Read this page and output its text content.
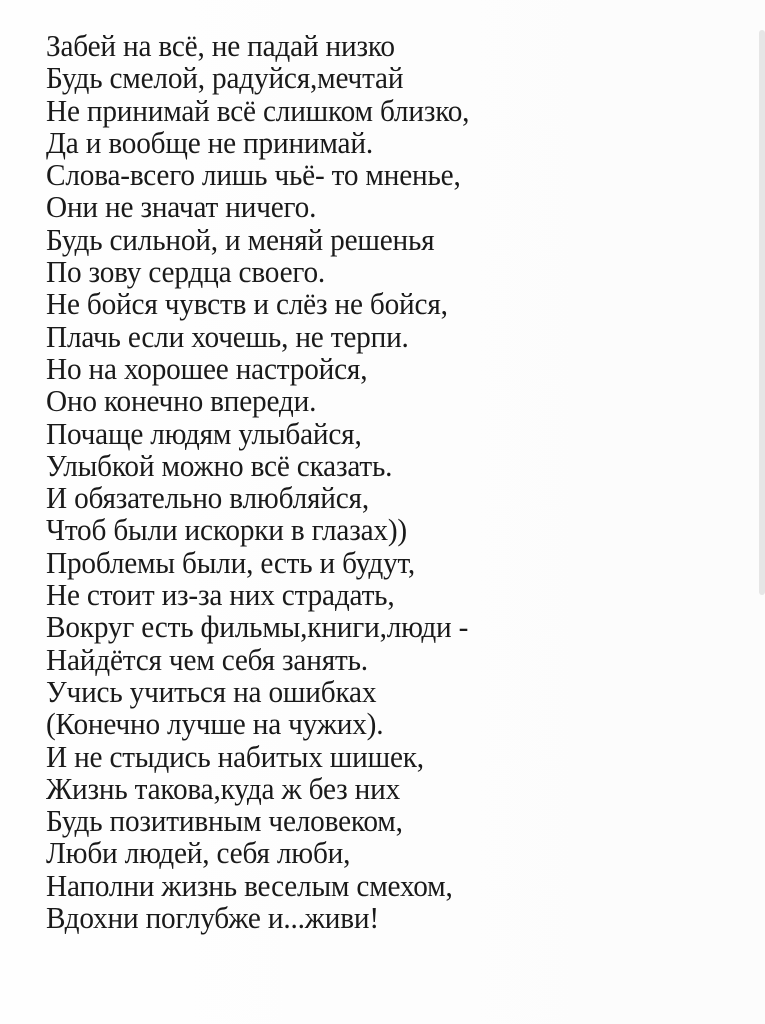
Забей на всё, не падай низко
Будь смелой, радуйся,мечтай
Не принимай всё слишком близко,
Да и вообще не принимай.
Слова-всего лишь чьё- то мненье,
Они не значат ничего.
Будь сильной, и меняй решенья
По зову сердца своего.
Не бойся чувств и слёз не бойся,
Плачь если хочешь, не терпи.
Но на хорошее настройся,
Оно конечно впереди.
Почаще людям улыбайся,
Улыбкой можно всё сказать.
И обязательно влюбляйся,
Чтоб были искорки в глазах))
Проблемы были, есть и будут,
Не стоит из-за них страдать,
Вокруг есть фильмы,книги,люди -
Найдётся чем себя занять.
Учись учиться на ошибках
(Конечно лучше на чужих).
И не стыдись набитых шишек,
Жизнь такова,куда ж без них
Будь позитивным человеком,
Люби людей, себя люби,
Наполни жизнь веселым смехом,
Вдохни поглубже и...живи!
